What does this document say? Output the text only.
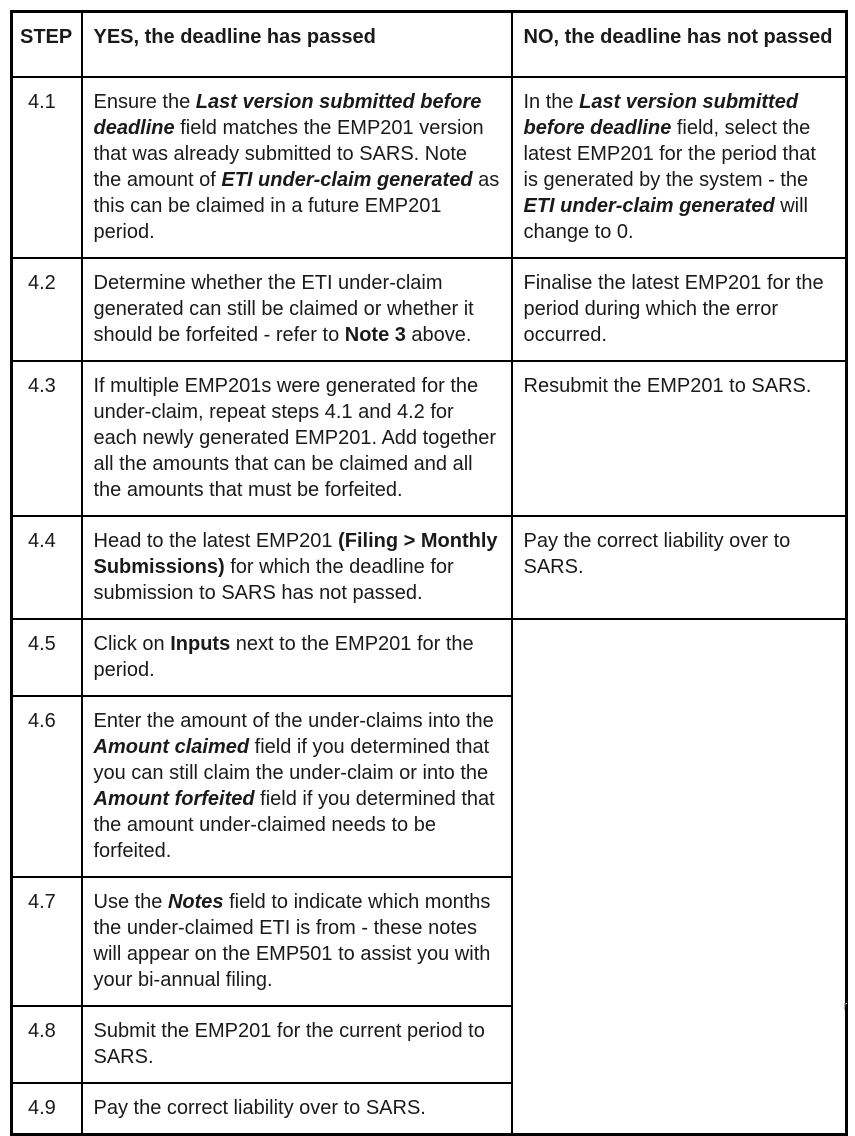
STEP	YES, the deadline has passed	NO, the deadline has not passed
4.1	Ensure the Last version submitted before deadline field matches the EMP201 version that was already submitted to SARS. Note the amount of ETI under-claim generated as this can be claimed in a future EMP201 period.	In the Last version submitted before deadline field, select the latest EMP201 for the period that is generated by the system - the ETI under-claim generated will change to 0.
4.2	Determine whether the ETI under-claim generated can still be claimed or whether it should be forfeited - refer to Note 3 above.	Finalise the latest EMP201 for the period during which the error occurred.
4.3	If multiple EMP201s were generated for the under-claim, repeat steps 4.1 and 4.2 for each newly generated EMP201. Add together all the amounts that can be claimed and all the amounts that must be forfeited.	Resubmit the EMP201 to SARS.
4.4	Head to the latest EMP201 (Filing > Monthly Submissions) for which the deadline for submission to SARS has not passed.	Pay the correct liability over to SARS.
4.5	Click on Inputs next to the EMP201 for the period.	
4.6	Enter the amount of the under-claims into the Amount claimed field if you determined that you can still claim the under-claim or into the Amount forfeited field if you determined that the amount under-claimed needs to be forfeited.	
4.7	Use the Notes field to indicate which months the under-claimed ETI is from - these notes will appear on the EMP501 to assist you with your bi-annual filing.	
4.8	Submit the EMP201 for the current period to SARS.	
4.9	Pay the correct liability over to SARS.	
r
